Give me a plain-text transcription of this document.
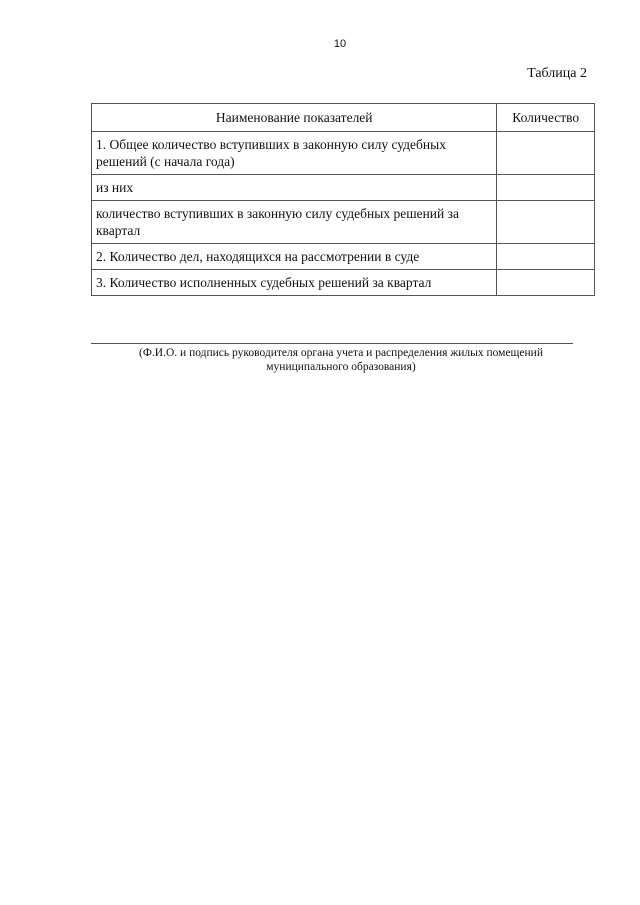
10
Таблица 2
Наименование показателей	Количество
1. Общее количество вступивших в законную силу судебных решений (с начала года)	
из них	
количество вступивших в законную силу судебных решений за квартал	
2. Количество дел, находящихся на рассмотрении в суде	
3. Количество исполненных судебных решений за квартал	
(Ф.И.О. и подпись руководителя органа учета и распределения жилых помещений
муниципального образования)
